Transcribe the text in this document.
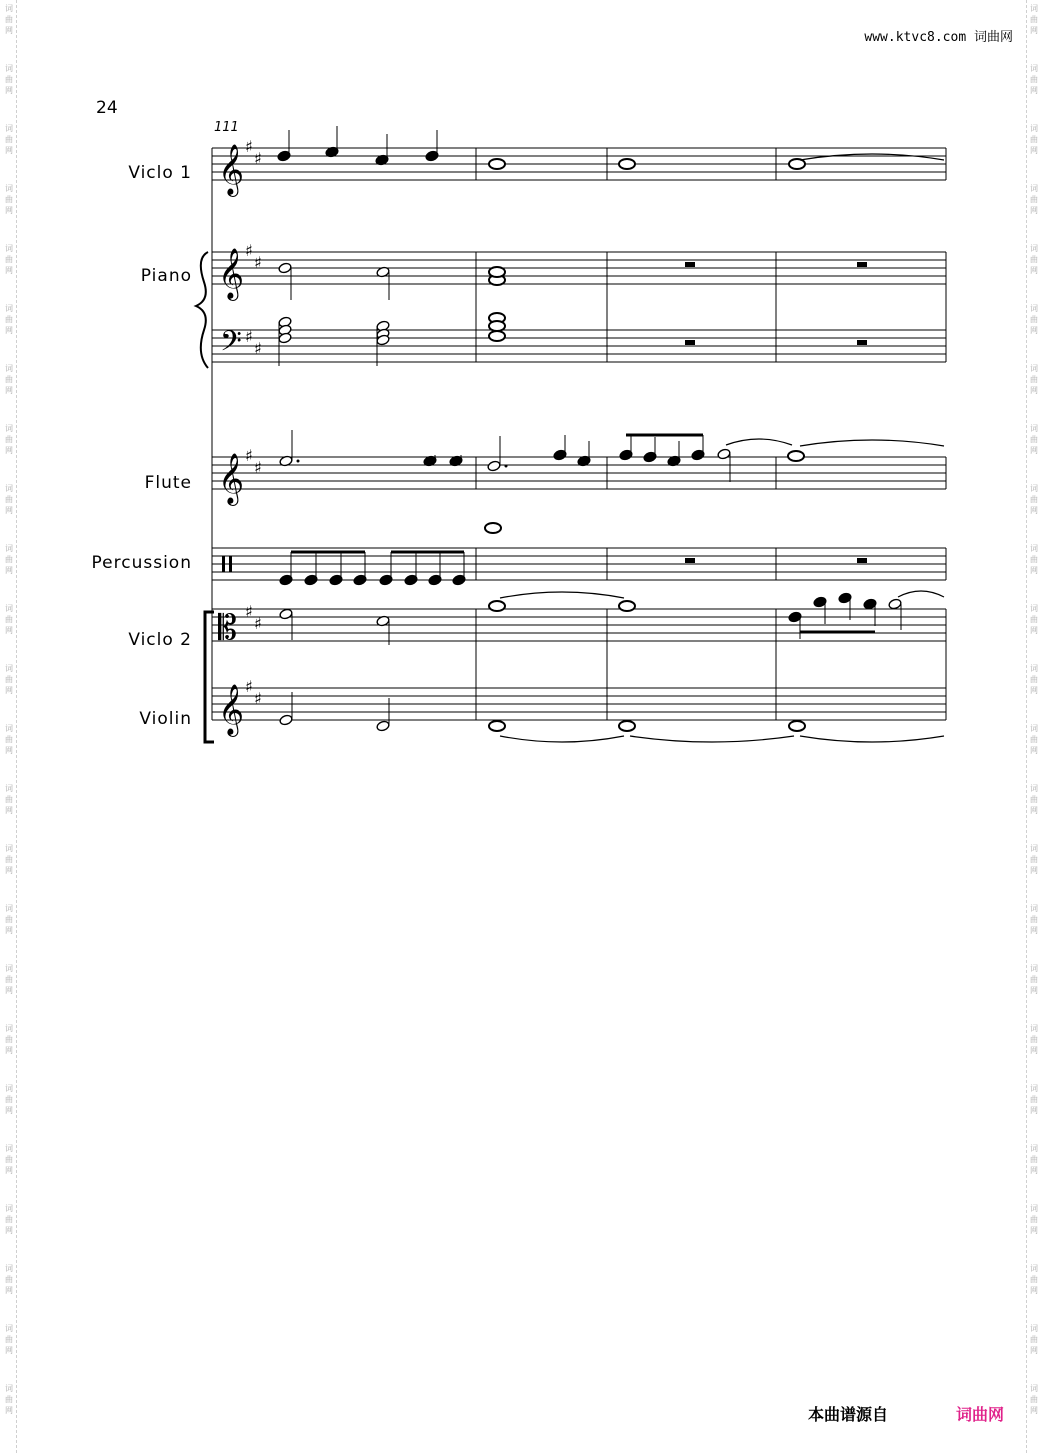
词
曲
网
词
曲
网
词
曲
网
词
曲
网
词
曲
网
词
曲
网
词
曲
网
词
曲
网
词
曲
网
词
曲
网
词
曲
网
词
曲
网
词
曲
网
词
曲
网
词
曲
网
词
曲
网
词
曲
网
词
曲
网
词
曲
网
词
曲
网
词
曲
网
词
曲
网
词
曲
网
词
曲
网
词
曲
网
词
曲
网
词
曲
网
词
曲
网
词
曲
网
词
曲
网
词
曲
网
词
曲
网
词
曲
网
词
曲
网
词
曲
网
词
曲
网
词
曲
网
词
曲
网
词
曲
网
词
曲
网
词
曲
网
词
曲
网
词
曲
网
词
曲
网
词
曲
网
词
曲
网
词
曲
网
词
曲
网
www.ktvc8.com 词曲网
24
111
Viclo 1
Piano
Flute
Percussion
Viclo 2
Violin
𝄞 ♯
♯
𝄞 ♯
♯
𝄞 ♯
♯
𝄞 ♯
♯
𝄢 ♯
♯
𝄡 ♯
♯
本曲谱源自	词曲网
